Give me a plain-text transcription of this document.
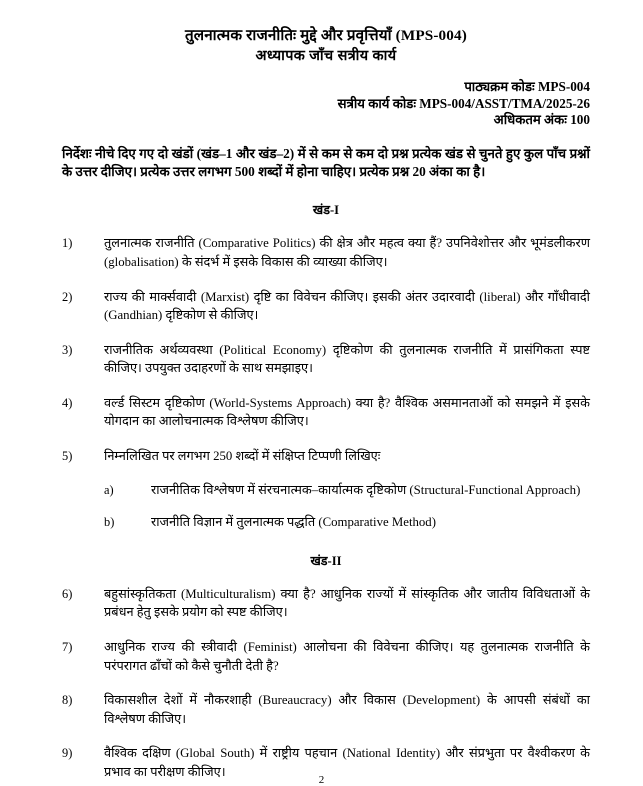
तुलनात्मक राजनीतिः मुद्दे और प्रवृत्तियाँ (MPS-004)
अध्यापक जाँच सत्रीय कार्य
पाठ्यक्रम कोडः MPS-004
सत्रीय कार्य कोडः MPS-004/ASST/TMA/2025-26
अधिकतम अंकः 100
निर्देशः नीचे दिए गए दो खंडों (खंड–1 और खंड–2) में से कम से कम दो प्रश्न प्रत्येक खंड से चुनते हुए कुल पाँच प्रश्नों के उत्तर दीजिए। प्रत्येक उत्तर लगभग 500 शब्दों में होना चाहिए। प्रत्येक प्रश्न 20 अंका का है।
खंड-I
1)	तुलनात्मक राजनीति (Comparative Politics) की क्षेत्र और महत्व क्या हैं? उपनिवेशोत्तर और भूमंडलीकरण (globalisation) के संदर्भ में इसके विकास की व्याख्या कीजिए।
2)	राज्य की मार्क्सवादी (Marxist) दृष्टि का विवेचन कीजिए। इसकी अंतर उदारवादी (liberal) और गाँधीवादी (Gandhian) दृष्टिकोण से कीजिए।
3)	राजनीतिक अर्थव्यवस्था (Political Economy) दृष्टिकोण की तुलनात्मक राजनीति में प्रासंगिकता स्पष्ट कीजिए। उपयुक्त उदाहरणों के साथ समझाइए।
4)	वर्ल्ड सिस्टम दृष्टिकोण (World-Systems Approach) क्या है? वैश्विक असमानताओं को समझने में इसके योगदान का आलोचनात्मक विश्लेषण कीजिए।
5)	निम्नलिखित पर लगभग 250 शब्दों में संक्षिप्त टिप्पणी लिखिएः
a)	राजनीतिक विश्लेषण में संरचनात्मक–कार्यात्मक दृष्टिकोण (Structural-Functional Approach)
b)	राजनीति विज्ञान में तुलनात्मक पद्धति (Comparative Method)
खंड-II
6)	बहुसांस्कृतिकता (Multiculturalism) क्या है? आधुनिक राज्यों में सांस्कृतिक और जातीय विविधताओं के प्रबंधन हेतु इसके प्रयोग को स्पष्ट कीजिए।
7)	आधुनिक राज्य की स्त्रीवादी (Feminist) आलोचना की विवेचना कीजिए। यह तुलनात्मक राजनीति के परंपरागत ढाँचों को कैसे चुनौती देती है?
8)	विकासशील देशों में नौकरशाही (Bureaucracy) और विकास (Development) के आपसी संबंधों का विश्लेषण कीजिए।
9)	वैश्विक दक्षिण (Global South) में राष्ट्रीय पहचान (National Identity) और संप्रभुता पर वैश्वीकरण के प्रभाव का परीक्षण कीजिए।
2
